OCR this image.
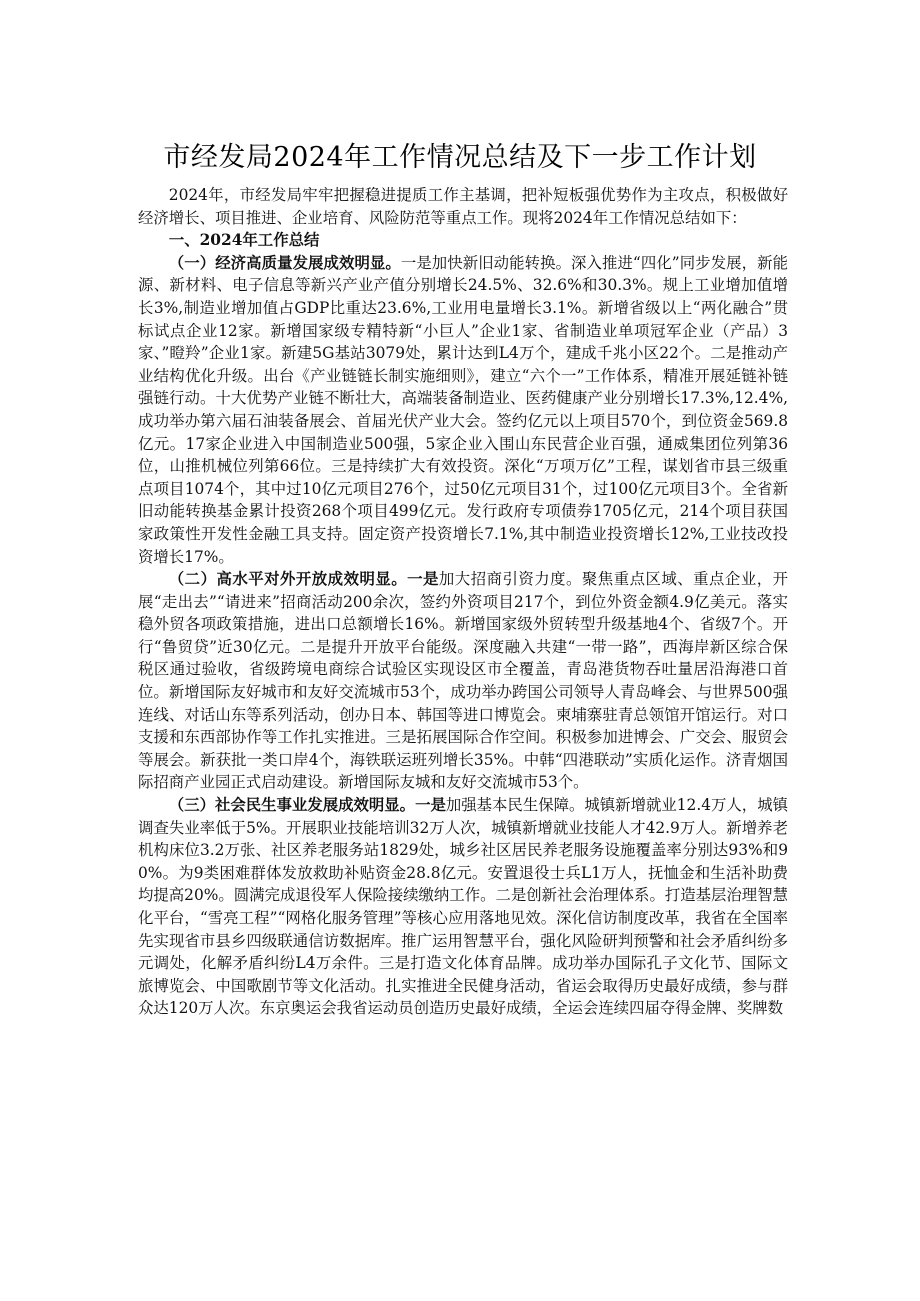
市经发局2024年工作情况总结及下一步工作计划

2024年，市经发局牢牢把握稳进提质工作主基调，把补短板强优势作为主攻点，积极做好经济增长、项目推进、企业培育、风险防范等重点工作。现将2024年工作情况总结如下：

一、2024年工作总结

（一）经济高质量发展成效明显。一是加快新旧动能转换。深入推进“四化”同步发展，新能源、新材料、电子信息等新兴产业产值分别增长24.5%、32.6%和30.3%。规上工业增加值增长3%,制造业增加值占GDP比重达23.6%,工业用电量增长3.1%。新增省级以上“两化融合”贯标试点企业12家。新增国家级专精特新“小巨人”企业1家、省制造业单项冠军企业（产品）3家、”瞪羚”企业1家。新建5G基站3079处，累计达到L4万个，建成千兆小区22个。二是推动产业结构优化升级。出台《产业链链长制实施细则》，建立“六个一”工作体系，精准开展延链补链强链行动。十大优势产业链不断壮大，高端装备制造业、医药健康产业分别增长17.3%,12.4%,成功举办第六届石油装备展会、首届光伏产业大会。签约亿元以上项目570个，到位资金569.8亿元。17家企业进入中国制造业500强，5家企业入围山东民营企业百强，通威集团位列第36位，山推机械位列第66位。三是持续扩大有效投资。深化“万项万亿”工程，谋划省市县三级重点项目1074个，其中过10亿元项目276个，过50亿元项目31个，过100亿元项目3个。全省新旧动能转换基金累计投资268个项目499亿元。发行政府专项债券1705亿元，214个项目获国家政策性开发性金融工具支持。固定资产投资增长7.1%,其中制造业投资增长12%,工业技改投资增长17%。

（二）高水平对外开放成效明显。一是加大招商引资力度。聚焦重点区域、重点企业，开展“走出去”“请进来”招商活动200余次，签约外资项目217个，到位外资金额4.9亿美元。落实稳外贸各项政策措施，进出口总额增长16%。新增国家级外贸转型升级基地4个、省级7个。开行“鲁贸贷”近30亿元。二是提升开放平台能级。深度融入共建“一带一路”，西海岸新区综合保税区通过验收，省级跨境电商综合试验区实现设区市全覆盖，青岛港货物吞吐量居沿海港口首位。新增国际友好城市和友好交流城市53个，成功举办跨国公司领导人青岛峰会、与世界500强连线、对话山东等系列活动，创办日本、韩国等进口博览会。柬埔寨驻青总领馆开馆运行。对口支援和东西部协作等工作扎实推进。三是拓展国际合作空间。积极参加进博会、广交会、服贸会等展会。新获批一类口岸4个，海铁联运班列增长35%。中韩“四港联动”实质化运作。济青烟国际招商产业园正式启动建设。新增国际友城和友好交流城市53个。

（三）社会民生事业发展成效明显。一是加强基本民生保障。城镇新增就业12.4万人，城镇调查失业率低于5%。开展职业技能培训32万人次，城镇新增就业技能人才42.9万人。新增养老机构床位3.2万张、社区养老服务站1829处，城乡社区居民养老服务设施覆盖率分别达93%和90%。为9类困难群体发放救助补贴资金28.8亿元。安置退役士兵L1万人，抚恤金和生活补助费均提高20%。圆满完成退役军人保险接续缴纳工作。二是创新社会治理体系。打造基层治理智慧化平台，“雪亮工程”“网格化服务管理”等核心应用落地见效。深化信访制度改革，我省在全国率先实现省市县乡四级联通信访数据库。推广运用智慧平台，强化风险研判预警和社会矛盾纠纷多元调处，化解矛盾纠纷L4万余件。三是打造文化体育品牌。成功举办国际孔子文化节、国际文旅博览会、中国歌剧节等文化活动。扎实推进全民健身活动，省运会取得历史最好成绩，参与群众达120万人次。东京奥运会我省运动员创造历史最好成绩，全运会连续四届夺得金牌、奖牌数
